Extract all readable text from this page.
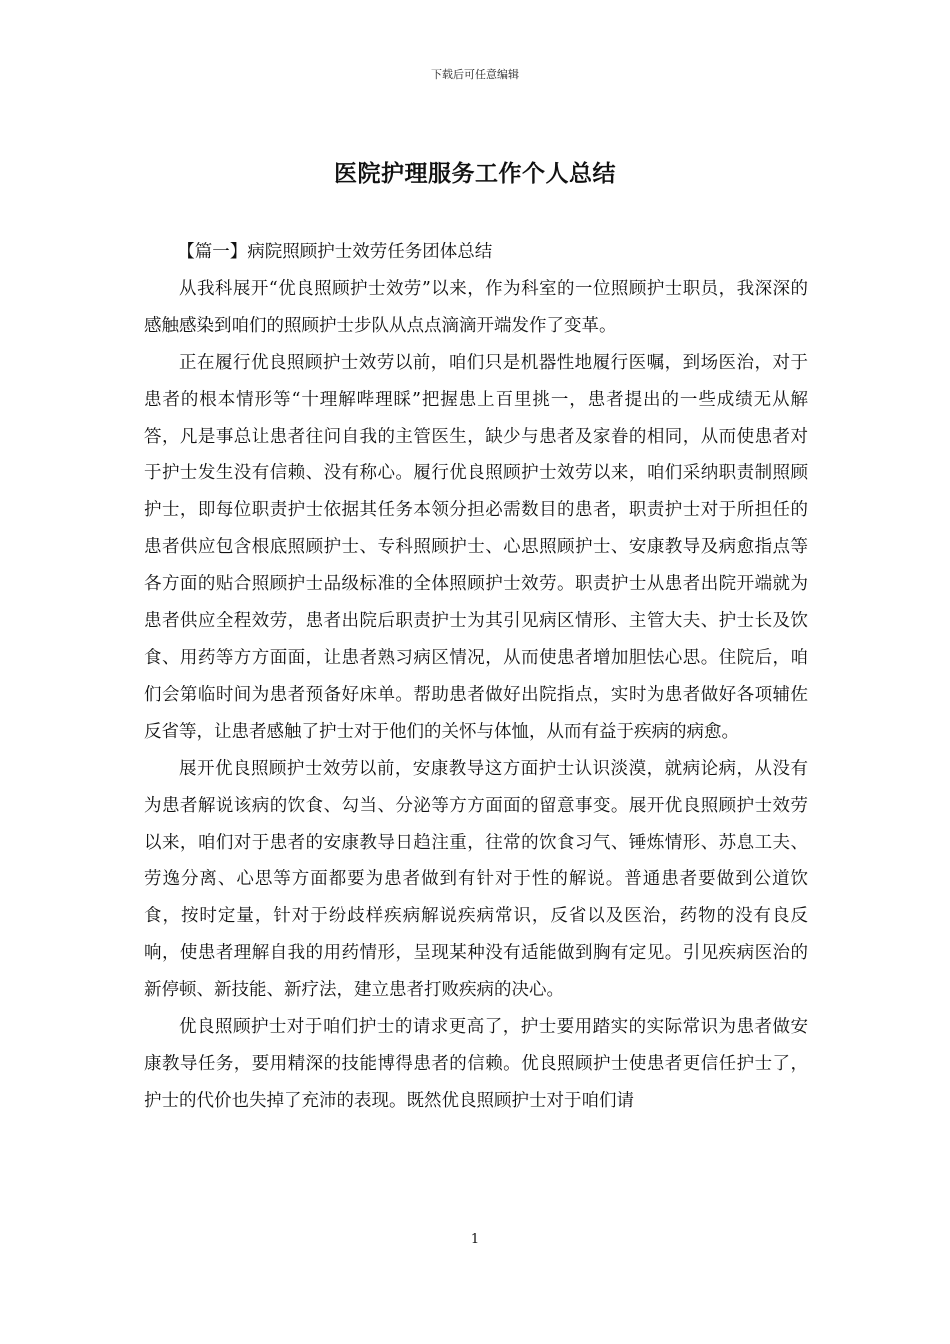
下载后可任意编辑
医院护理服务工作个人总结

【篇一】病院照顾护士效劳任务团体总结

从我科展开“优良照顾护士效劳”以来，作为科室的一位照顾护士职员，我深深的感触感染到咱们的照顾护士步队从点点滴滴开端发作了变革。

正在履行优良照顾护士效劳以前，咱们只是机器性地履行医嘱，到场医治，对于患者的根本情形等“十理解哔理睬”把握患上百里挑一，患者提出的一些成绩无从解答，凡是事总让患者往问自我的主管医生，缺少与患者及家眷的相同，从而使患者对于护士发生没有信赖、没有称心。履行优良照顾护士效劳以来，咱们采纳职责制照顾护士，即每位职责护士依据其任务本领分担必需数目的患者，职责护士对于所担任的患者供应包含根底照顾护士、专科照顾护士、心思照顾护士、安康教导及病愈指点等各方面的贴合照顾护士品级标准的全体照顾护士效劳。职责护士从患者出院开端就为患者供应全程效劳，患者出院后职责护士为其引见病区情形、主管大夫、护士长及饮食、用药等方方面面，让患者熟习病区情况，从而使患者增加胆怯心思。住院后，咱们会第临时间为患者预备好床单。帮助患者做好出院指点，实时为患者做好各项辅佐反省等，让患者感触了护士对于他们的关怀与体恤，从而有益于疾病的病愈。

展开优良照顾护士效劳以前，安康教导这方面护士认识淡漠，就病论病，从没有为患者解说该病的饮食、勾当、分泌等方方面面的留意事变。展开优良照顾护士效劳以来，咱们对于患者的安康教导日趋注重，往常的饮食习气、锤炼情形、苏息工夫、劳逸分离、心思等方面都要为患者做到有针对于性的解说。普通患者要做到公道饮食，按时定量，针对于纷歧样疾病解说疾病常识，反省以及医治，药物的没有良反响，使患者理解自我的用药情形，呈现某种没有适能做到胸有定见。引见疾病医治的新停顿、新技能、新疗法，建立患者打败疾病的决心。

优良照顾护士对于咱们护士的请求更高了，护士要用踏实的实际常识为患者做安康教导任务，要用精深的技能博得患者的信赖。优良照顾护士使患者更信任护士了，护士的代价也失掉了充沛的表现。既然优良照顾护士对于咱们请

1
